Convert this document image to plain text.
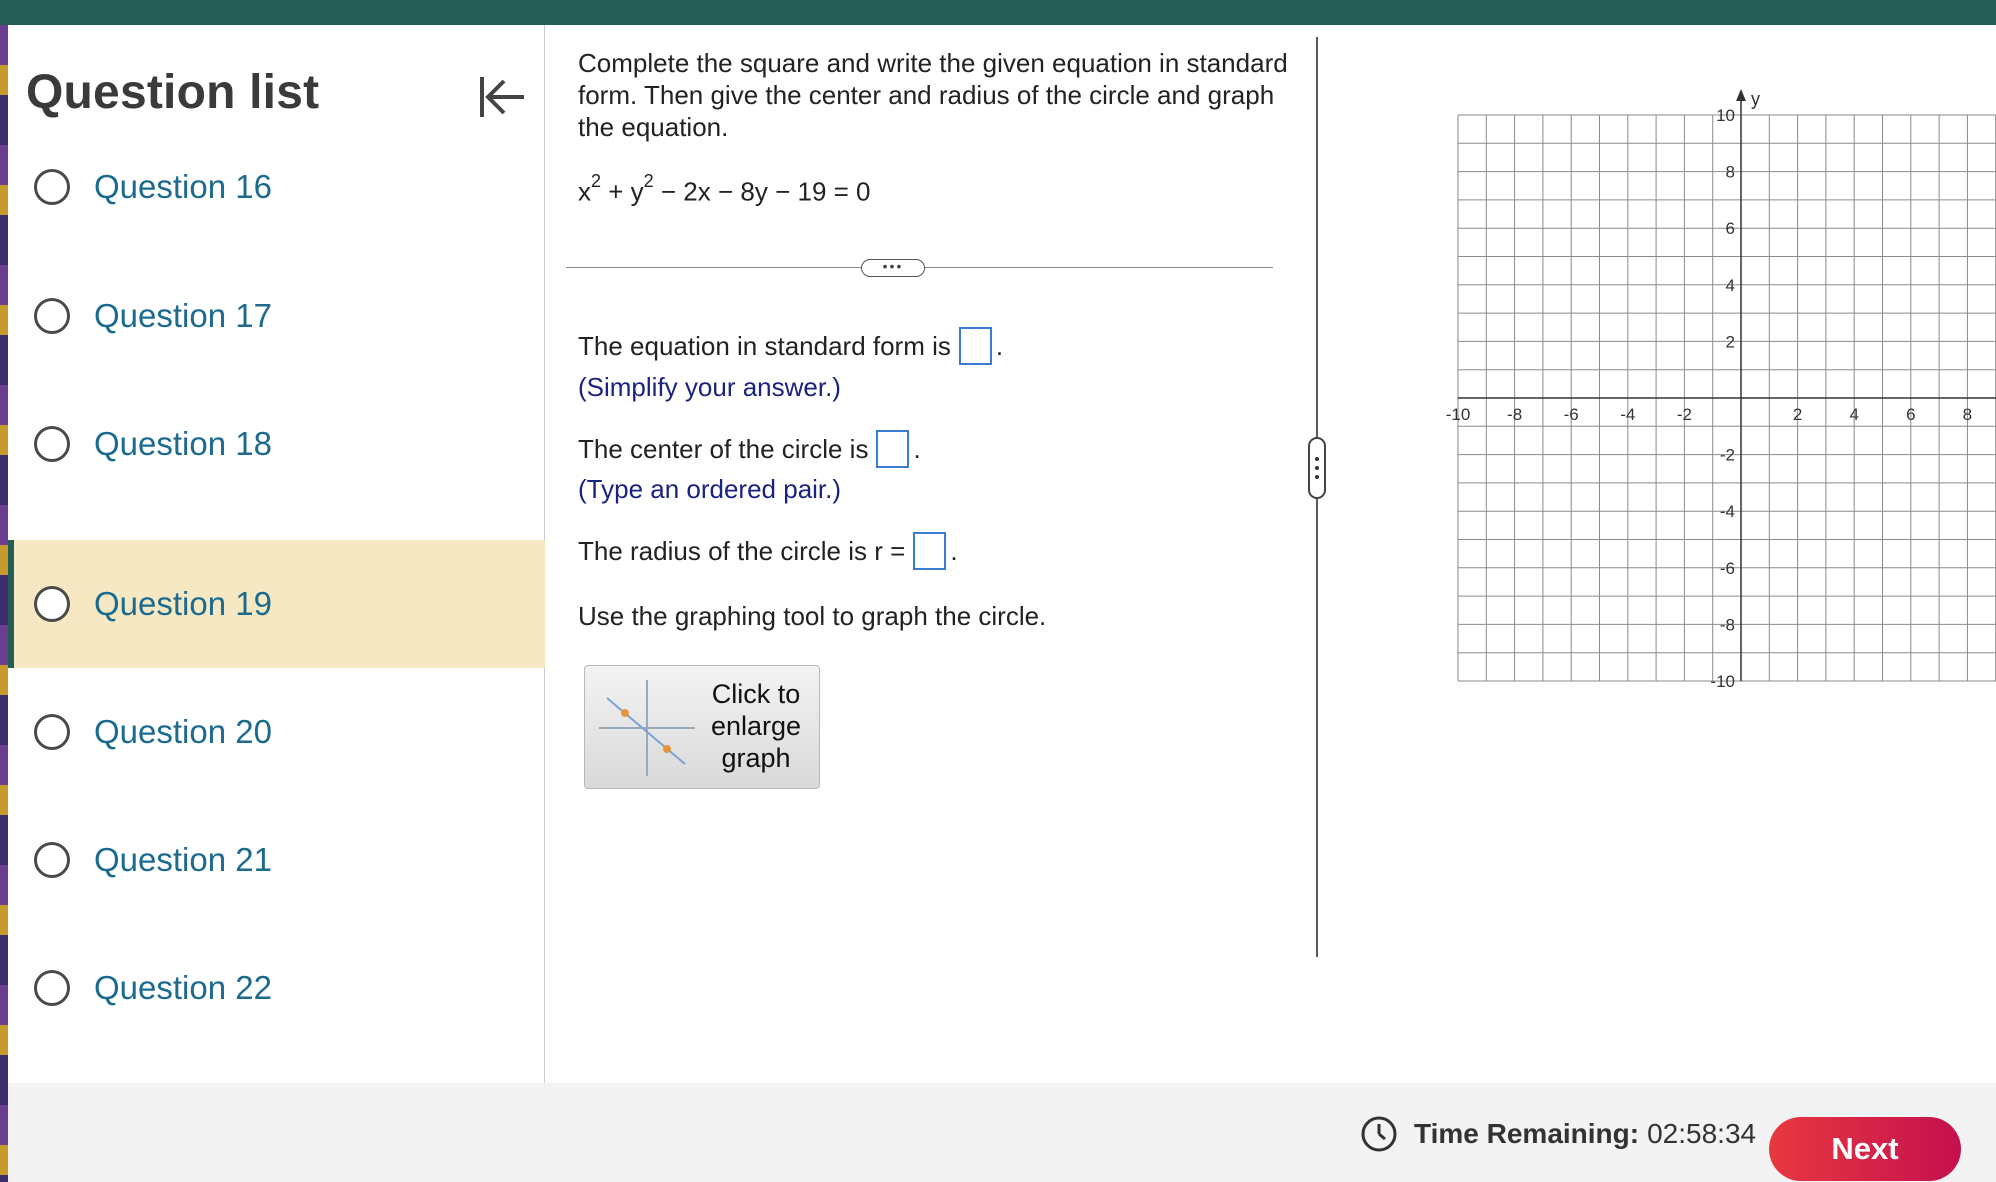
Question list
Question 16
Question 17
Question 18
Question 19
Question 20
Question 21
Question 22

Complete the square and write the given equation in standard form. Then give the center and radius of the circle and graph the equation.

$x^2 + y^2 - 2x - 8y - 19 = 0$
•••
The equation in standard form is .
(Simplify your answer.)
The center of the circle is .
(Type an ordered pair.)
The radius of the circle is r = .
Use the graphing tool to graph the circle.
Click to
enlarge
graph
y
-10 -8 -6 -4 -2	2	4	6	8
10
8
6
4
2
-2
-4
-6
-8
-10
Time Remaining: 02:58:34	Next
